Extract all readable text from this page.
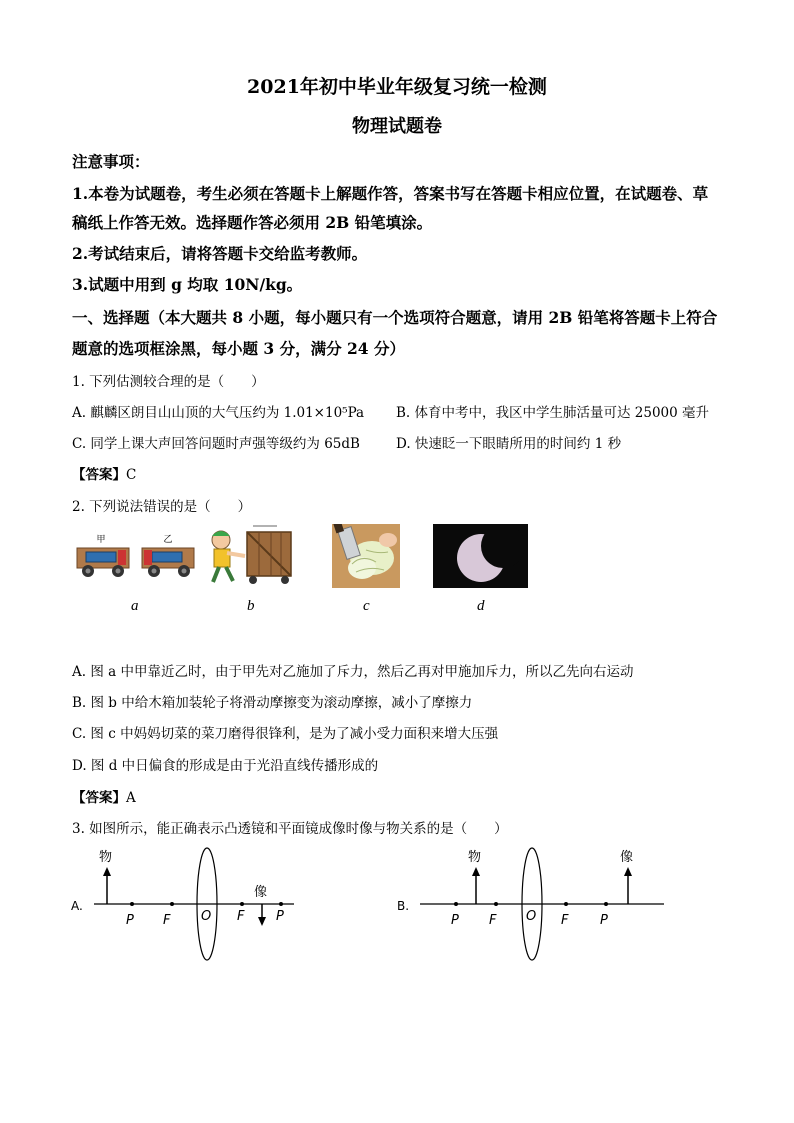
2021年初中毕业年级复习统一检测
物理试题卷
注意事项：
1.本卷为试题卷，考生必须在答题卡上解题作答，答案书写在答题卡相应位置，在试题卷、草
稿纸上作答无效。选择题作答必须用 2B 铅笔填涂。
2.考试结束后，请将答题卡交给监考教师。
3.试题中用到 g 均取 10N/kg。
一、选择题（本大题共 8 小题，每小题只有一个选项符合题意，请用 2B 铅笔将答题卡上符合
题意的选项框涂黑，每小题 3 分，满分 24 分）
1. 下列估测较合理的是（　　）
A. 麒麟区朗目山山顶的大气压约为 1.01×10⁵Pa B. 体育中考中，我区中学生肺活量可达 25000 毫升
C. 同学上课大声回答问题时声强等级约为 65dB	D. 快速眨一下眼睛所用的时间约 1 秒
【答案】C
2. 下列说法错误的是（　　）
甲	乙
a	b	c	d
A. 图 a 中甲靠近乙时，由于甲先对乙施加了斥力，然后乙再对甲施加斥力，所以乙先向右运动
B. 图 b 中给木箱加装轮子将滑动摩擦变为滚动摩擦，减小了摩擦力
C. 图 c 中妈妈切菜的菜刀磨得很锋利，是为了减小受力面积来增大压强
D. 图 d 中日偏食的形成是由于光沿直线传播形成的
【答案】A
3. 如图所示，能正确表示凸透镜和平面镜成像时像与物关系的是（　　）
A.
物
像
P F O F P
B.
物	像
P F O F P
